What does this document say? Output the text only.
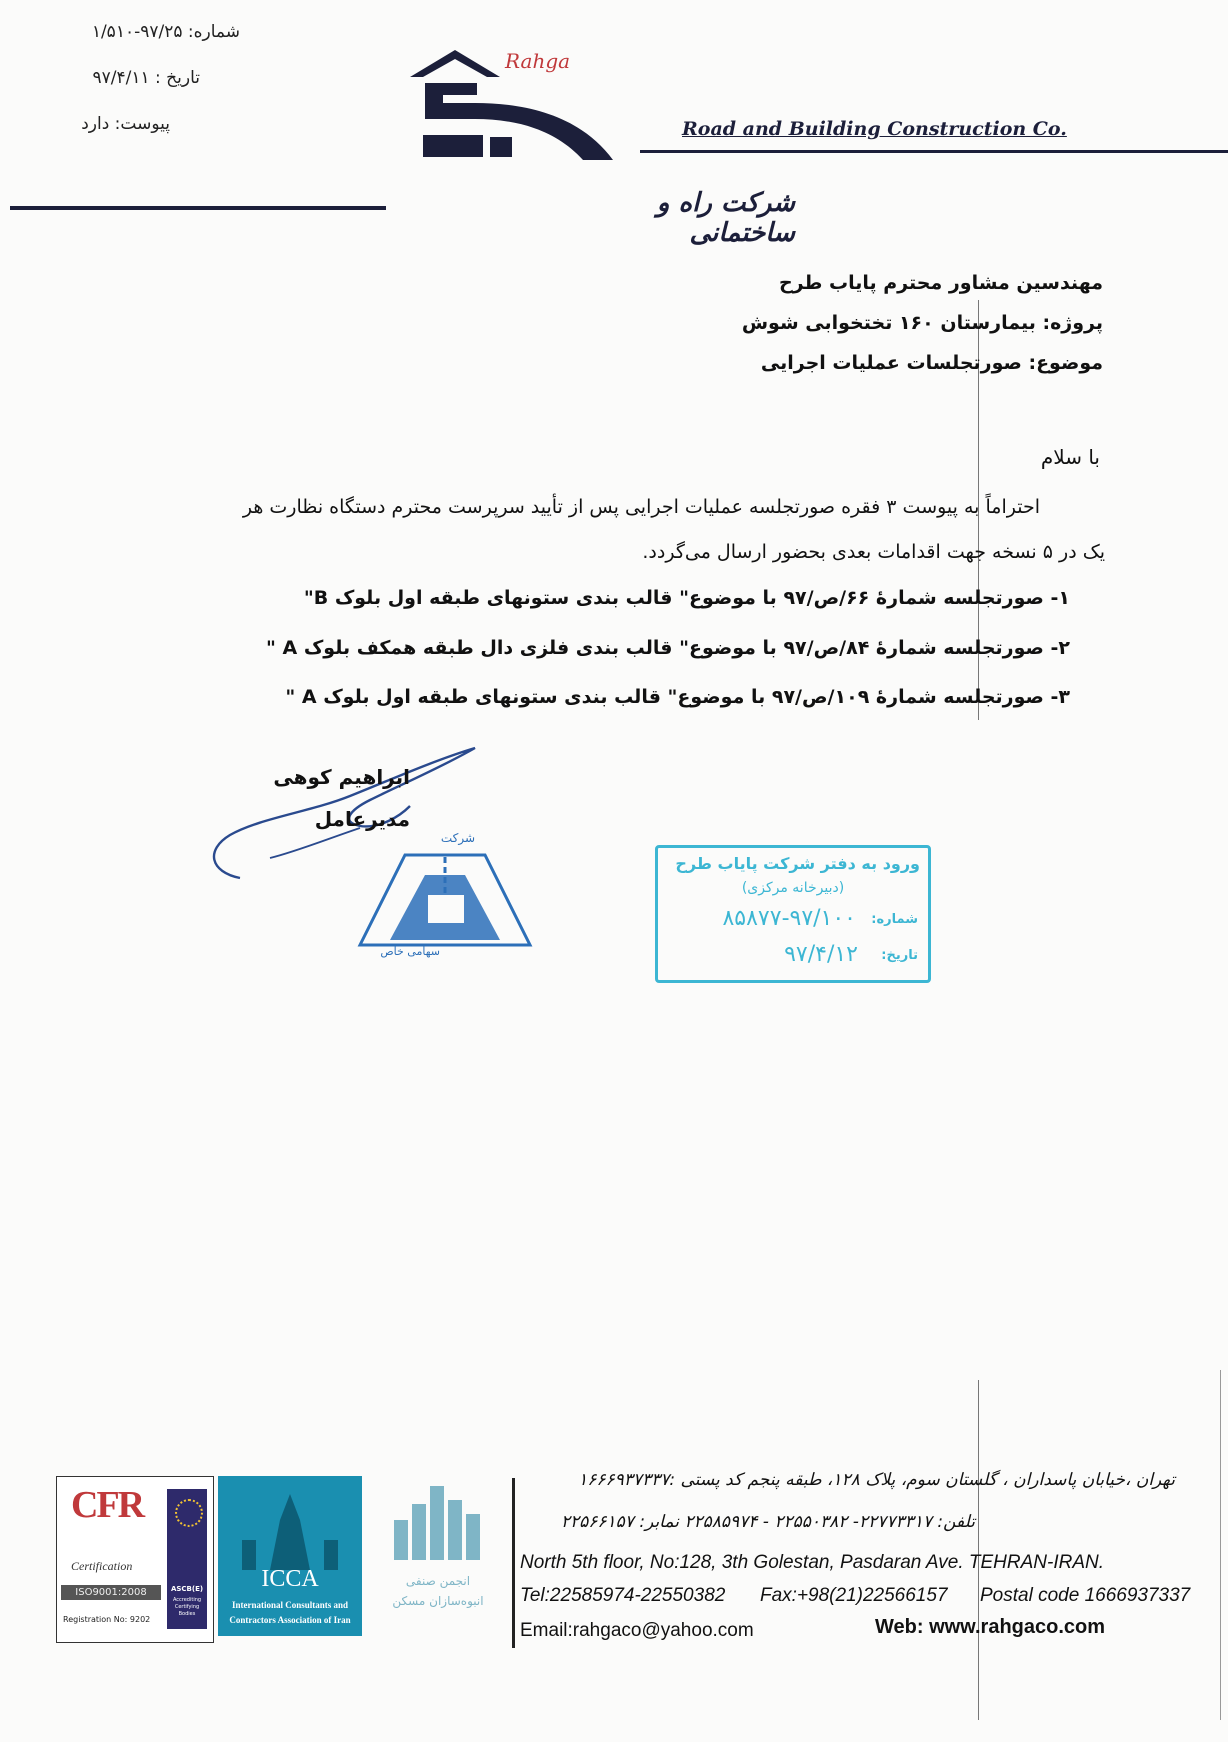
شماره: ۹۷/۲۵-۱/۵۱۰
تاریخ : ۹۷/۴/۱۱
پیوست: دارد
Rahga
Road and Building Construction Co.
شرکت راه و ساختمانی
مهندسین مشاور محترم پایاب طرح
پروژه: بیمارستان ۱۶۰ تختخوابی شوش
موضوع: صورتجلسات عملیات اجرایی
با سلام
احتراماً به پیوست ۳ فقره صورتجلسه عملیات اجرایی پس از تأیید سرپرست محترم دستگاه نظارت هر
یک در ۵ نسخه جهت اقدامات بعدی بحضور ارسال می‌گردد.
۱- صورتجلسه شمارهٔ ۶۶/ص/۹۷ با موضوع" قالب بندی ستونهای طبقه اول بلوک B"
۲- صورتجلسه شمارهٔ ۸۴/ص/۹۷ با موضوع" قالب بندی فلزی دال طبقه همکف بلوک A "
۳- صورتجلسه شمارهٔ ۱۰۹/ص/۹۷ با موضوع" قالب بندی ستونهای طبقه اول بلوک A "
ابراهیم کوهی
مدیرعامل
شرکت
سهامی خاص
ورود به دفتر شرکت پایاب طرح
(دبیرخانه مرکزی)
شماره:
۸۵۸۷۷-۹۷/۱۰۰
تاریخ:
۹۷/۴/۱۲
CFR
Certification
ISO9001:2008
Registration No: 9202
ASCB(E)
Accrediting Certifying Bodies
ICCA
International Consultants and
Contractors Association of Iran
انجمن صنفی
انبوه‌سازان مسکن
تهران ،خیابان پاسداران ، گلستان سوم، پلاک ۱۲۸، طبقه پنجم کد پستی :۱۶۶۶۹۳۷۳۳۷
تلفن: ۲۲۷۷۳۳۱۷- ۲۲۵۵۰۳۸۲ - ۲۲۵۸۵۹۷۴ نمابر: ۲۲۵۶۶۱۵۷
North 5th floor, No:128, 3th Golestan, Pasdaran Ave. TEHRAN-IRAN.
Tel:22585974-22550382 Fax:+98(21)22566157 Postal code 1666937337
Email:rahgaco@yahoo.com	Web: www.rahgaco.com
